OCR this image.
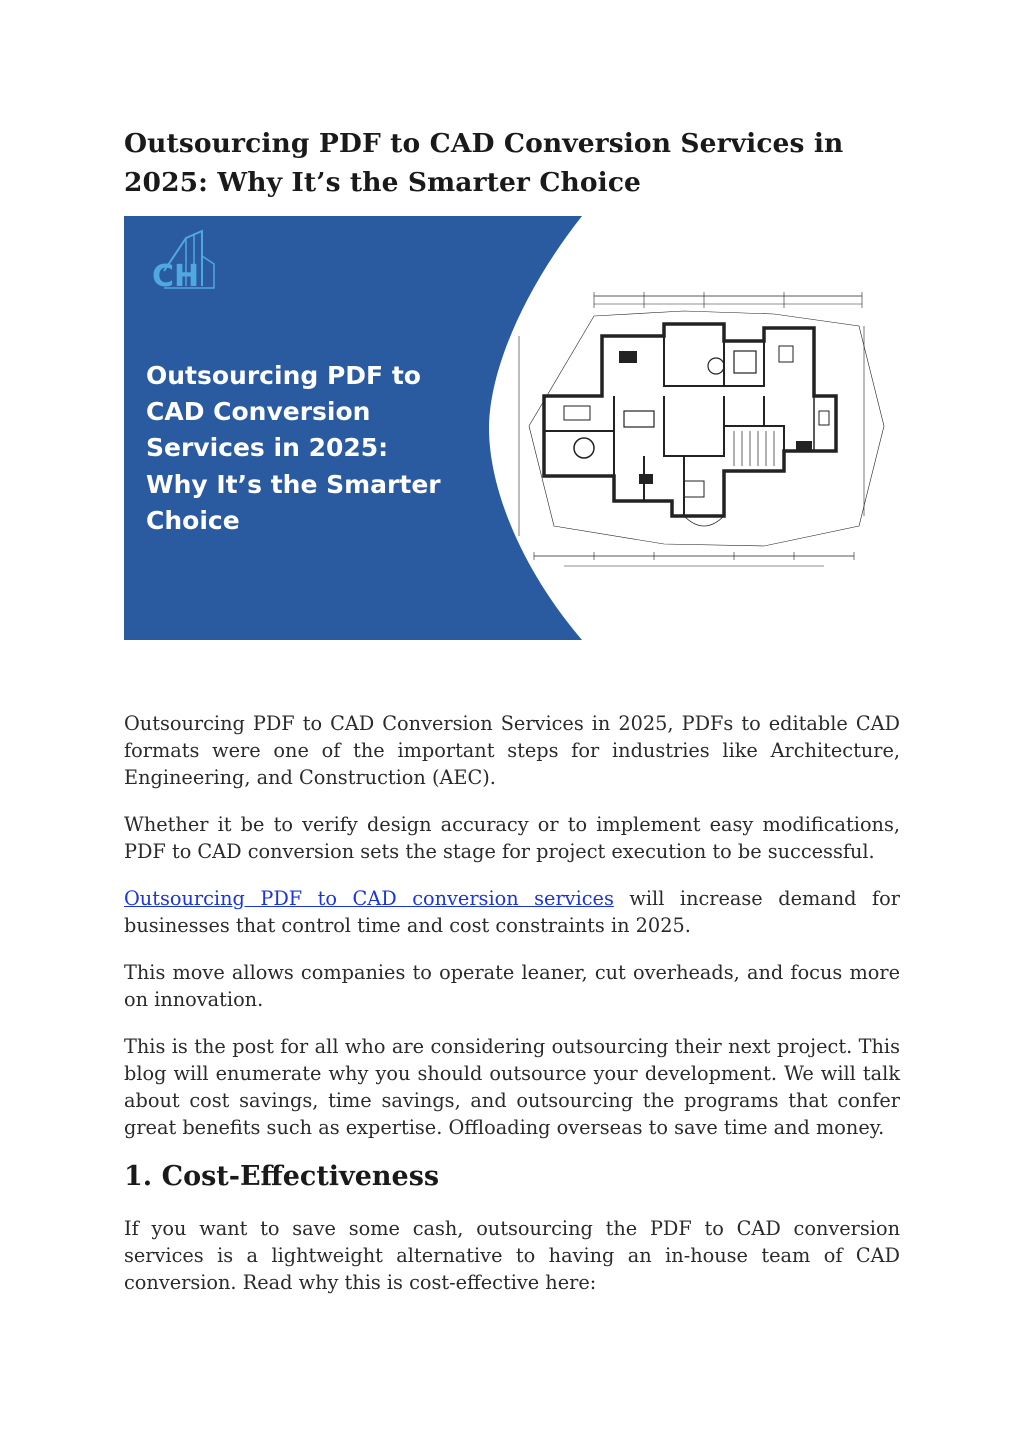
Outsourcing PDF to CAD Conversion Services in 2025: Why It’s the Smarter Choice
CH
Outsourcing PDF to
CAD Conversion
Services in 2025:
Why It’s the Smarter
Choice

Outsourcing PDF to CAD Conversion Services in 2025, PDFs to editable CAD formats were one of the important steps for industries like Architecture, Engineering, and Construction (AEC).

Whether it be to verify design accuracy or to implement easy modifications, PDF to CAD conversion sets the stage for project execution to be successful.

Outsourcing PDF to CAD conversion services will increase demand for businesses that control time and cost constraints in 2025.

This move allows companies to operate leaner, cut overheads, and focus more on innovation.

This is the post for all who are considering outsourcing their next project. This blog will enumerate why you should outsource your development. We will talk about cost savings, time savings, and outsourcing the programs that confer great benefits such as expertise. Offloading overseas to save time and money.

1. Cost-Effectiveness

If you want to save some cash, outsourcing the PDF to CAD conversion services is a lightweight alternative to having an in-house team of CAD conversion. Read why this is cost-effective here:
